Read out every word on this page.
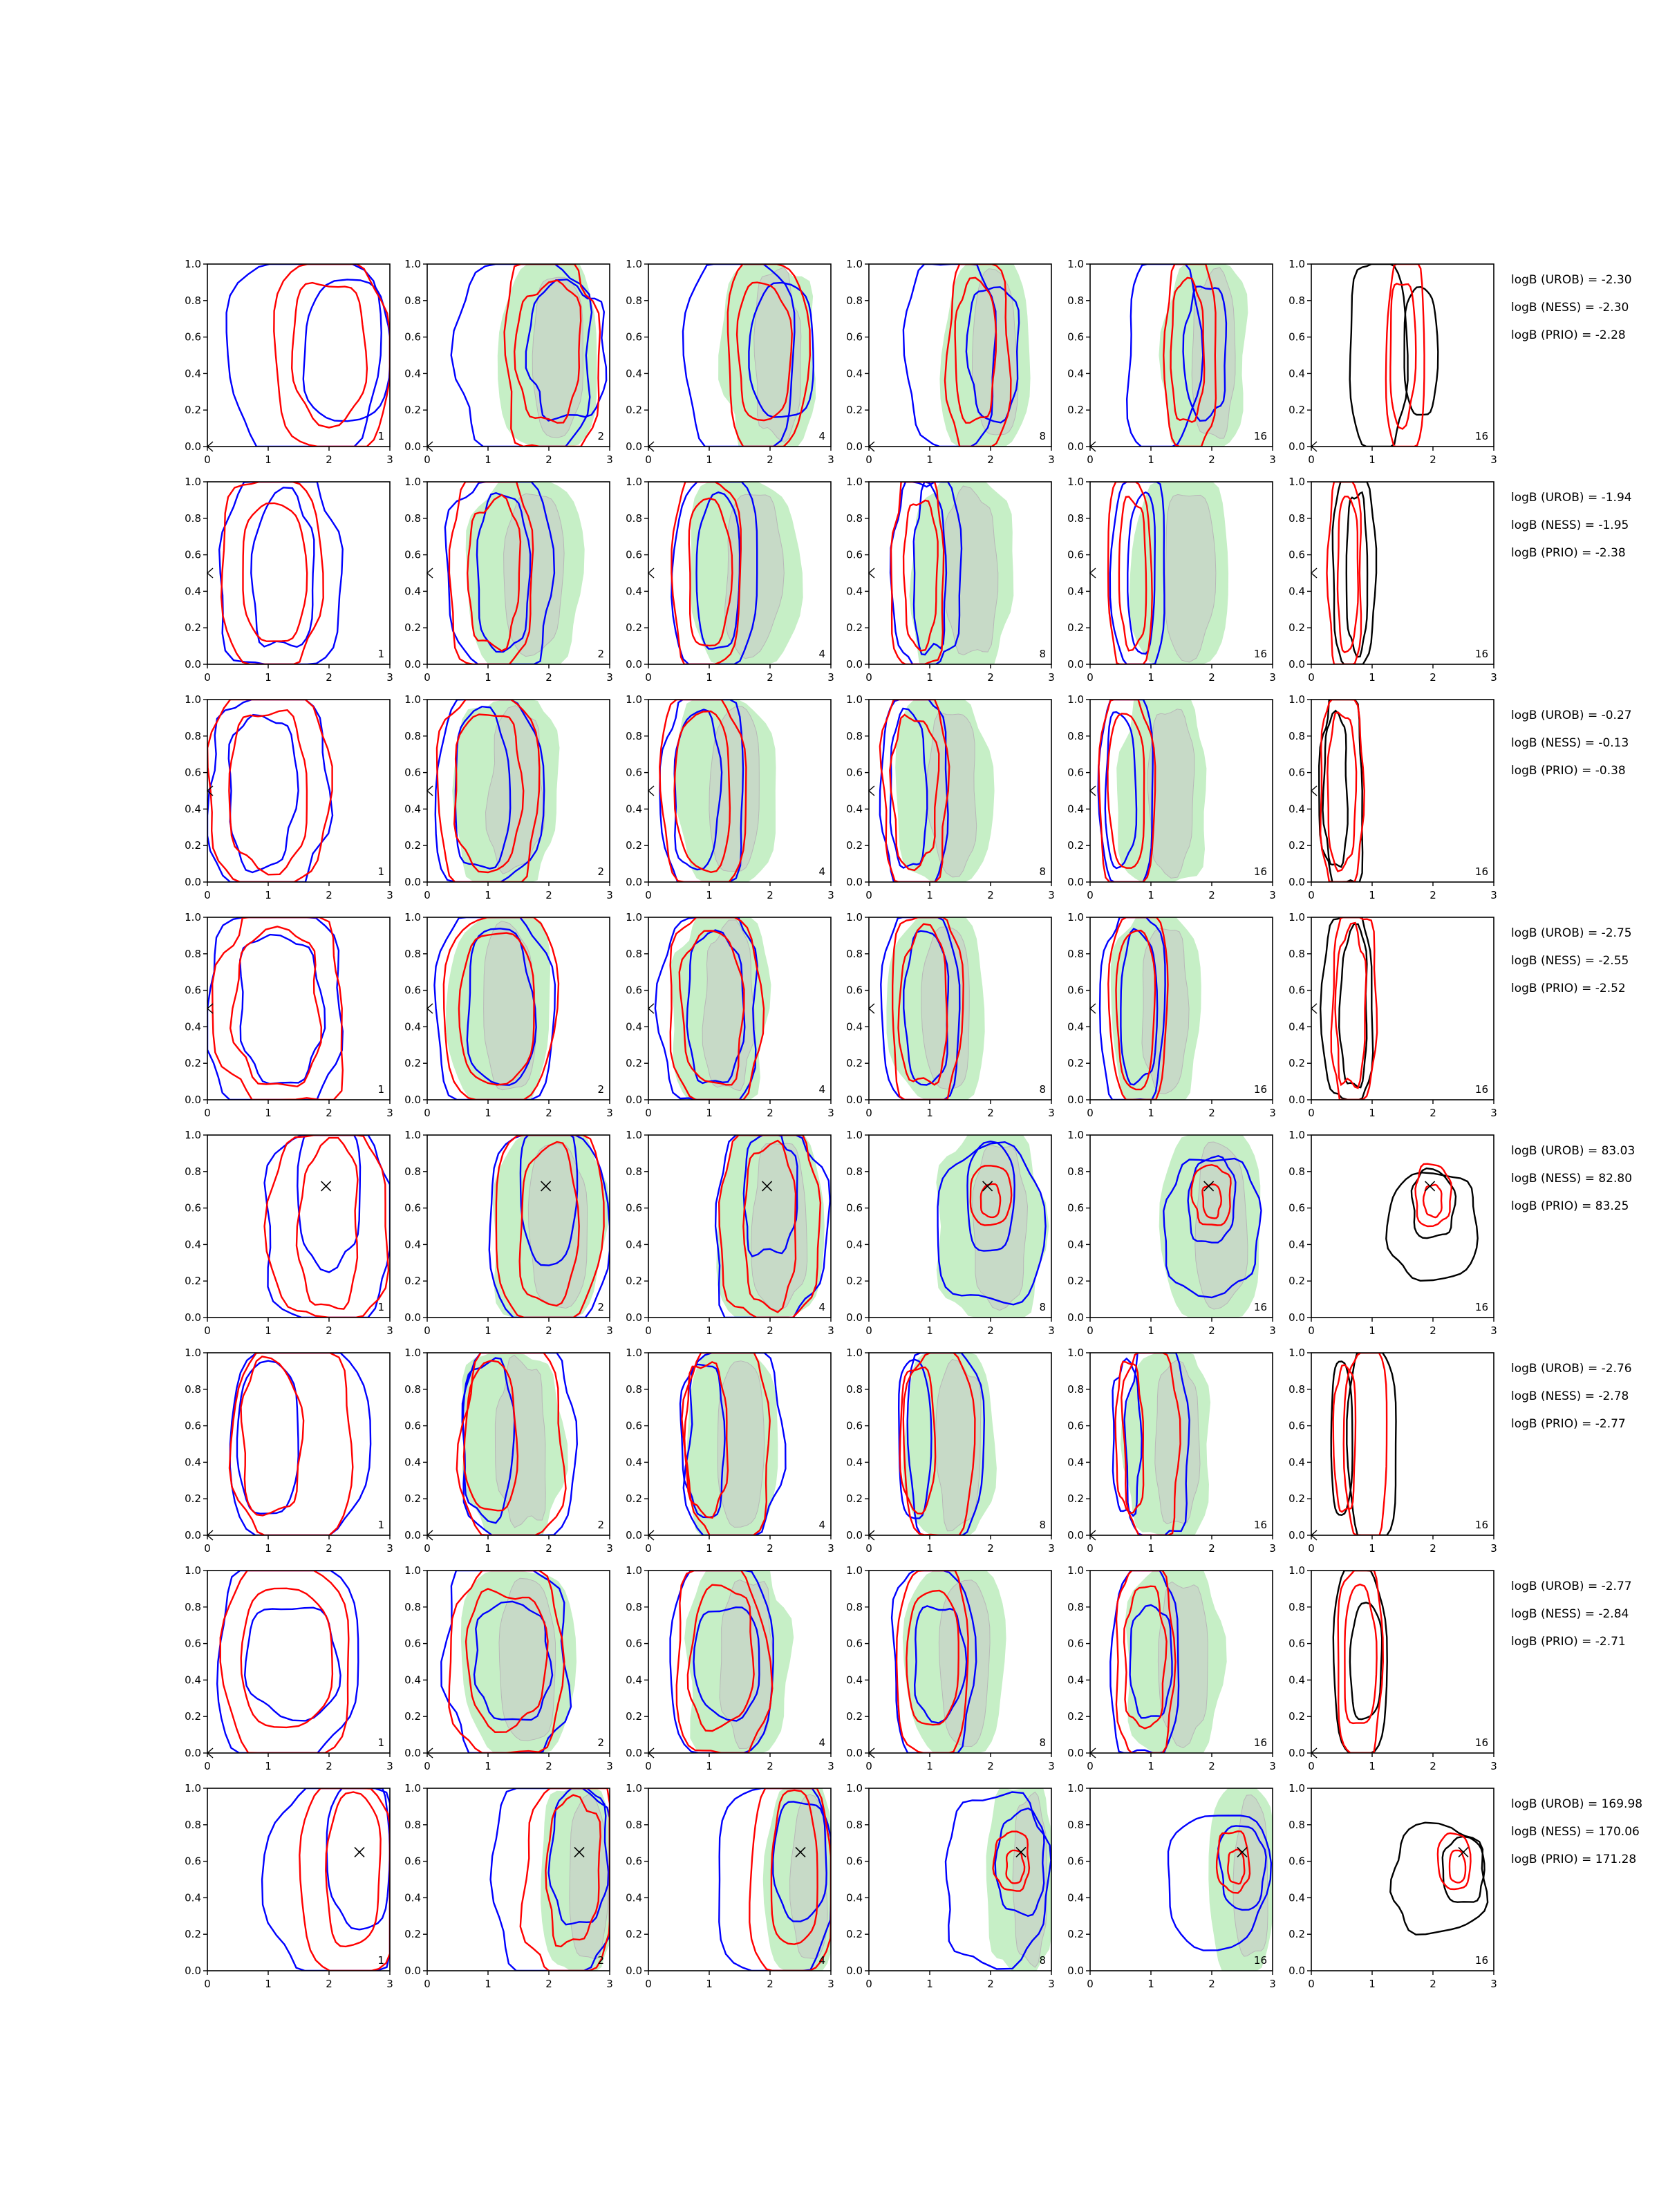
0.0
0.2
0.4
0.6
0.8
1.0
0	1	2	3
1
0.0
0.2
0.4
0.6
0.8
1.0
0	1	2	3
2
0.0
0.2
0.4
0.6
0.8
1.0
0	1	2	3
4
0.0
0.2
0.4
0.6
0.8
1.0
0	1	2	3
8
0.0
0.2
0.4
0.6
0.8
1.0
0	1	2	3
16
0.0
0.2
0.4
0.6
0.8
1.0
0	1	2	3
16
logB (UROB) = -2.30
logB (NESS) = -2.30
logB (PRIO) = -2.28
0.0
0.2
0.4
0.6
0.8
1.0
0	1	2	3
1
0.0
0.2
0.4
0.6
0.8
1.0
0	1	2	3
2
0.0
0.2
0.4
0.6
0.8
1.0
0	1	2	3
4
0.0
0.2
0.4
0.6
0.8
1.0
0	1	2	3
8
0.0
0.2
0.4
0.6
0.8
1.0
0	1	2	3
16
0.0
0.2
0.4
0.6
0.8
1.0
0	1	2	3
16
logB (UROB) = -1.94
logB (NESS) = -1.95
logB (PRIO) = -2.38
0.0
0.2
0.4
0.6
0.8
1.0
0	1	2	3
1
0.0
0.2
0.4
0.6
0.8
1.0
0	1	2	3
2
0.0
0.2
0.4
0.6
0.8
1.0
0	1	2	3
4
0.0
0.2
0.4
0.6
0.8
1.0
0	1	2	3
8
0.0
0.2
0.4
0.6
0.8
1.0
0	1	2	3
16
0.0
0.2
0.4
0.6
0.8
1.0
0	1	2	3
16
logB (UROB) = -0.27
logB (NESS) = -0.13
logB (PRIO) = -0.38
0.0
0.2
0.4
0.6
0.8
1.0
0	1	2	3
1
0.0
0.2
0.4
0.6
0.8
1.0
0	1	2	3
2
0.0
0.2
0.4
0.6
0.8
1.0
0	1	2	3
4
0.0
0.2
0.4
0.6
0.8
1.0
0	1	2	3
8
0.0
0.2
0.4
0.6
0.8
1.0
0	1	2	3
16
0.0
0.2
0.4
0.6
0.8
1.0
0	1	2	3
16
logB (UROB) = -2.75
logB (NESS) = -2.55
logB (PRIO) = -2.52
0.0
0.2
0.4
0.6
0.8
1.0
0	1	2	3
1
0.0
0.2
0.4
0.6
0.8
1.0
0	1	2	3
2
0.0
0.2
0.4
0.6
0.8
1.0
0	1	2	3
4
0.0
0.2
0.4
0.6
0.8
1.0
0	1	2	3
8
0.0
0.2
0.4
0.6
0.8
1.0
0	1	2	3
16
0.0
0.2
0.4
0.6
0.8
1.0
0	1	2	3
16
logB (UROB) = 83.03
logB (NESS) = 82.80
logB (PRIO) = 83.25
0.0
0.2
0.4
0.6
0.8
1.0
0	1	2	3
1
0.0
0.2
0.4
0.6
0.8
1.0
0	1	2	3
2
0.0
0.2
0.4
0.6
0.8
1.0
0	1	2	3
4
0.0
0.2
0.4
0.6
0.8
1.0
0	1	2	3
8
0.0
0.2
0.4
0.6
0.8
1.0
0	1	2	3
16
0.0
0.2
0.4
0.6
0.8
1.0
0	1	2	3
16
logB (UROB) = -2.76
logB (NESS) = -2.78
logB (PRIO) = -2.77
0.0
0.2
0.4
0.6
0.8
1.0
0	1	2	3
1
0.0
0.2
0.4
0.6
0.8
1.0
0	1	2	3
2
0.0
0.2
0.4
0.6
0.8
1.0
0	1	2	3
4
0.0
0.2
0.4
0.6
0.8
1.0
0	1	2	3
8
0.0
0.2
0.4
0.6
0.8
1.0
0	1	2	3
16
0.0
0.2
0.4
0.6
0.8
1.0
0	1	2	3
16
logB (UROB) = -2.77
logB (NESS) = -2.84
logB (PRIO) = -2.71
0.0
0.2
0.4
0.6
0.8
1.0
0	1	2	3
1
0.0
0.2
0.4
0.6
0.8
1.0
0	1	2	3
2
0.0
0.2
0.4
0.6
0.8
1.0
0	1	2	3
4
0.0
0.2
0.4
0.6
0.8
1.0
0	1	2	3
8
0.0
0.2
0.4
0.6
0.8
1.0
0	1	2	3
16
0.0
0.2
0.4
0.6
0.8
1.0
0	1	2	3
16
logB (UROB) = 169.98
logB (NESS) = 170.06
logB (PRIO) = 171.28
